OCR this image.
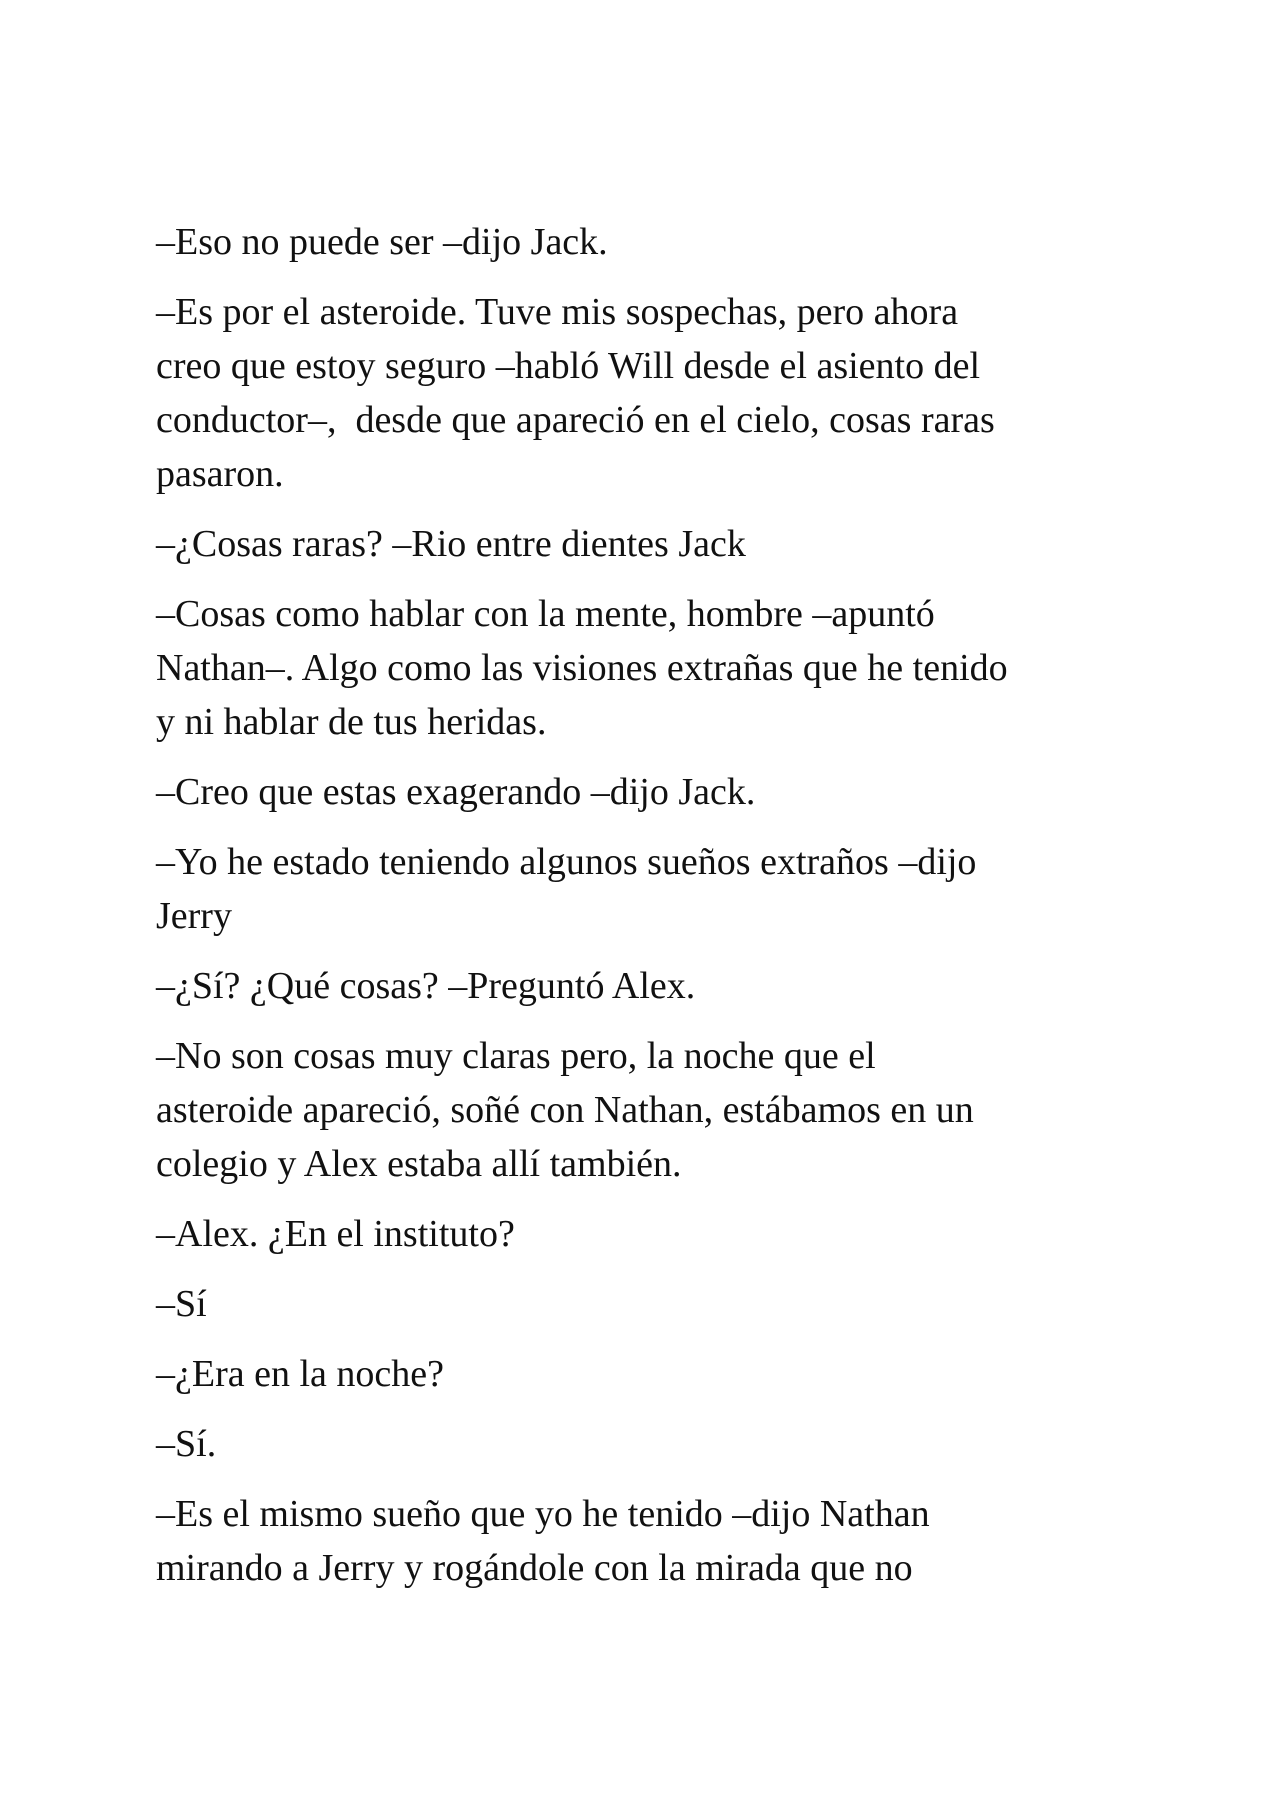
–Eso no puede ser –dijo Jack.

–Es por el asteroide. Tuve mis sospechas, pero ahora
creo que estoy seguro –habló Will desde el asiento del
conductor–,  desde que apareció en el cielo, cosas raras
pasaron.

–¿Cosas raras? –Rio entre dientes Jack

–Cosas como hablar con la mente, hombre –apuntó
Nathan–. Algo como las visiones extrañas que he tenido
y ni hablar de tus heridas.

–Creo que estas exagerando –dijo Jack.

–Yo he estado teniendo algunos sueños extraños –dijo
Jerry

–¿Sí? ¿Qué cosas? –Preguntó Alex.

–No son cosas muy claras pero, la noche que el
asteroide apareció, soñé con Nathan, estábamos en un
colegio y Alex estaba allí también.

–Alex. ¿En el instituto?

–Sí

–¿Era en la noche?

–Sí.

–Es el mismo sueño que yo he tenido –dijo Nathan
mirando a Jerry y rogándole con la mirada que no
